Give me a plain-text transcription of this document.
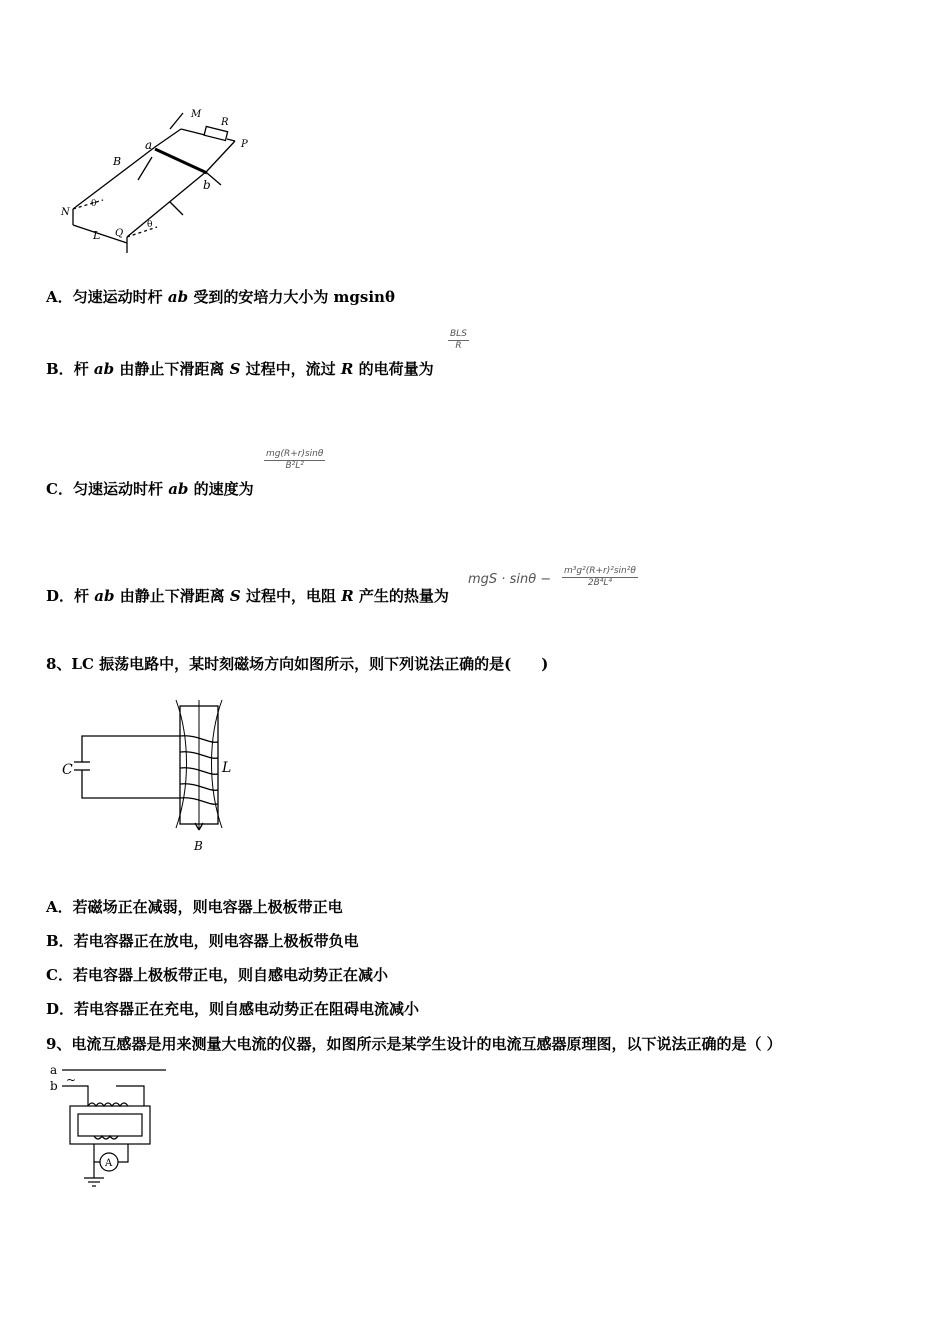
M
R
P
a
B
b
N
θ
L Q
θ
A．匀速运动时杆 ab 受到的安培力大小为 mgsinθ
BLS
R
B．杆 ab 由静止下滑距离 S 过程中，流过 R 的电荷量为
$\frac{mg(R+r)\sin\theta}{\text{B²L²}}$
C．匀速运动时杆 ab 的速度为
D．杆 ab 由静止下滑距离 S 过程中，电阻 R 产生的热量为
mgS · $\sin\theta - \frac{\text{m³g²(R+r)²sin²θ}}{\text{2B⁴L⁴}}$
8、LC 振荡电路中，某时刻磁场方向如图所示，则下列说法正确的是(　　)
C	L
B
A．若磁场正在减弱，则电容器上极板带正电
B．若电容器正在放电，则电容器上极板带负电
C．若电容器上极板带正电，则自感电动势正在减小
D．若电容器正在充电，则自感电动势正在阻碍电流减小
9、电流互感器是用来测量大电流的仪器，如图所示是某学生设计的电流互感器原理图，以下说法正确的是（ ）
a
b ~
A
